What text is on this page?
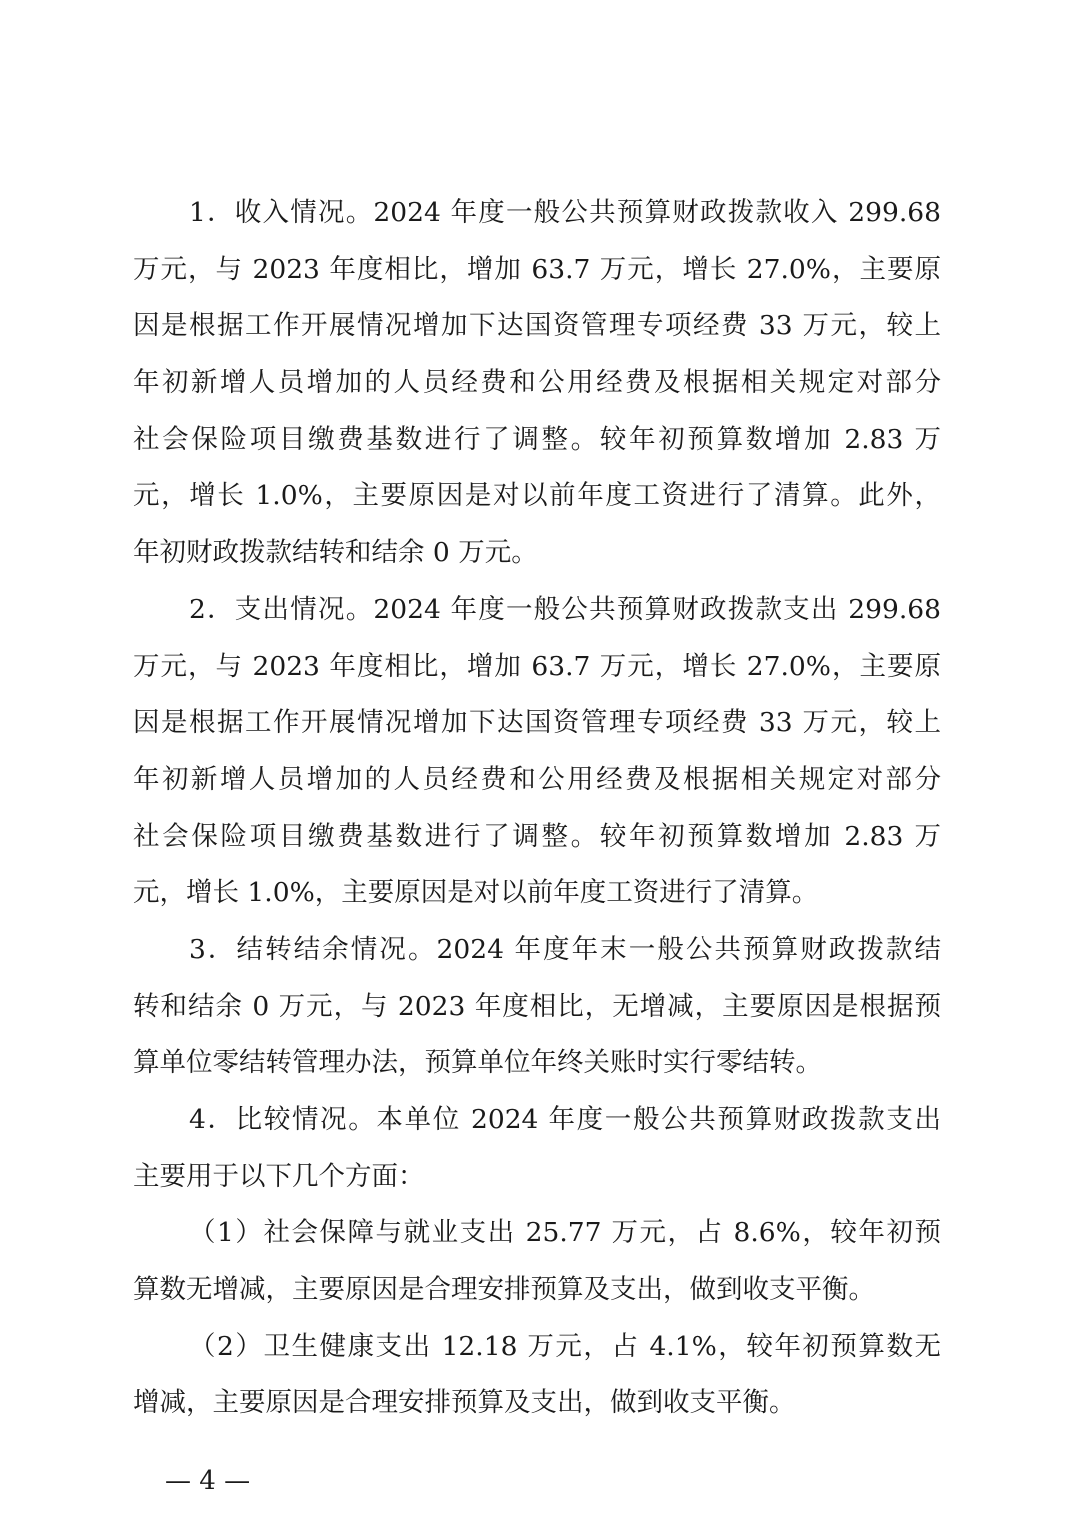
1．收入情况。2024 年度一般公共预算财政拨款收入 299.68
万元，与 2023 年度相比，增加 63.7 万元，增长 27.0%，主要原
因是根据工作开展情况增加下达国资管理专项经费 33 万元，较上
年初新增人员增加的人员经费和公用经费及根据相关规定对部分
社会保险项目缴费基数进行了调整。较年初预算数增加 2.83 万
元，增长 1.0%，主要原因是对以前年度工资进行了清算。此外，
年初财政拨款结转和结余 0 万元。
2．支出情况。2024 年度一般公共预算财政拨款支出 299.68
万元，与 2023 年度相比，增加 63.7 万元，增长 27.0%，主要原
因是根据工作开展情况增加下达国资管理专项经费 33 万元，较上
年初新增人员增加的人员经费和公用经费及根据相关规定对部分
社会保险项目缴费基数进行了调整。较年初预算数增加 2.83 万
元，增长 1.0%，主要原因是对以前年度工资进行了清算。
3．结转结余情况。2024 年度年末一般公共预算财政拨款结
转和结余 0 万元，与 2023 年度相比，无增减，主要原因是根据预
算单位零结转管理办法，预算单位年终关账时实行零结转。
4．比较情况。本单位 2024 年度一般公共预算财政拨款支出
主要用于以下几个方面：
（1）社会保障与就业支出 25.77 万元，占 8.6%，较年初预
算数无增减，主要原因是合理安排预算及支出，做到收支平衡。
（2）卫生健康支出 12.18 万元，占 4.1%，较年初预算数无
增减，主要原因是合理安排预算及支出，做到收支平衡。
— 4 —
